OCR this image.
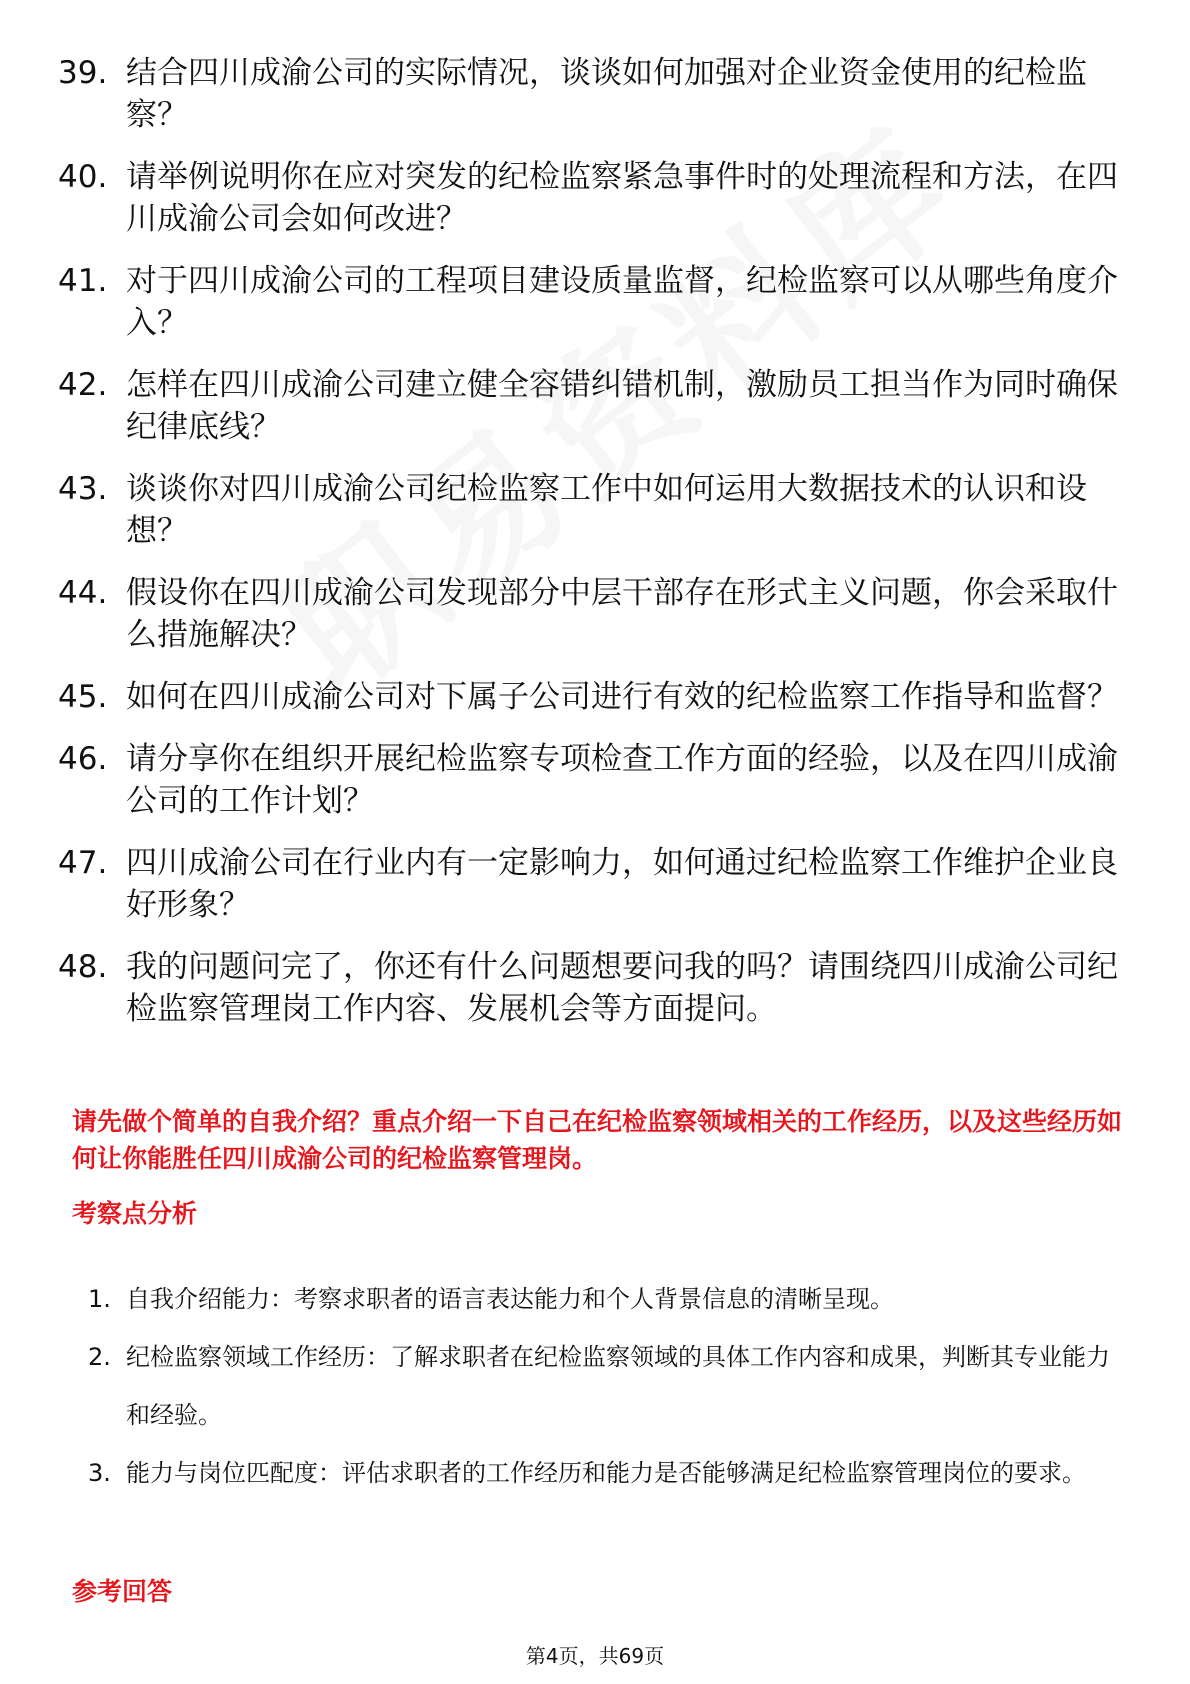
39. 结合四川成渝公司的实际情况，谈谈如何加强对企业资金使用的纪检监察？
40. 请举例说明你在应对突发的纪检监察紧急事件时的处理流程和方法，在四川成渝公司会如何改进？
41. 对于四川成渝公司的工程项目建设质量监督，纪检监察可以从哪些角度介入？
42. 怎样在四川成渝公司建立健全容错纠错机制，激励员工担当作为同时确保纪律底线？
43. 谈谈你对四川成渝公司纪检监察工作中如何运用大数据技术的认识和设想？
44. 假设你在四川成渝公司发现部分中层干部存在形式主义问题，你会采取什么措施解决？
45. 如何在四川成渝公司对下属子公司进行有效的纪检监察工作指导和监督？
46. 请分享你在组织开展纪检监察专项检查工作方面的经验，以及在四川成渝公司的工作计划？
47. 四川成渝公司在行业内有一定影响力，如何通过纪检监察工作维护企业良好形象？
48. 我的问题问完了，你还有什么问题想要问我的吗？请围绕四川成渝公司纪检监察管理岗工作内容、发展机会等方面提问。
请先做个简单的自我介绍？重点介绍一下自己在纪检监察领域相关的工作经历，以及这些经历如何让你能胜任四川成渝公司的纪检监察管理岗。
考察点分析
1. 自我介绍能力：考察求职者的语言表达能力和个人背景信息的清晰呈现。
2. 纪检监察领域工作经历：了解求职者在纪检监察领域的具体工作内容和成果，判断其专业能力和经验。
3. 能力与岗位匹配度：评估求职者的工作经历和能力是否能够满足纪检监察管理岗位的要求。
参考回答
第4页，共69页
